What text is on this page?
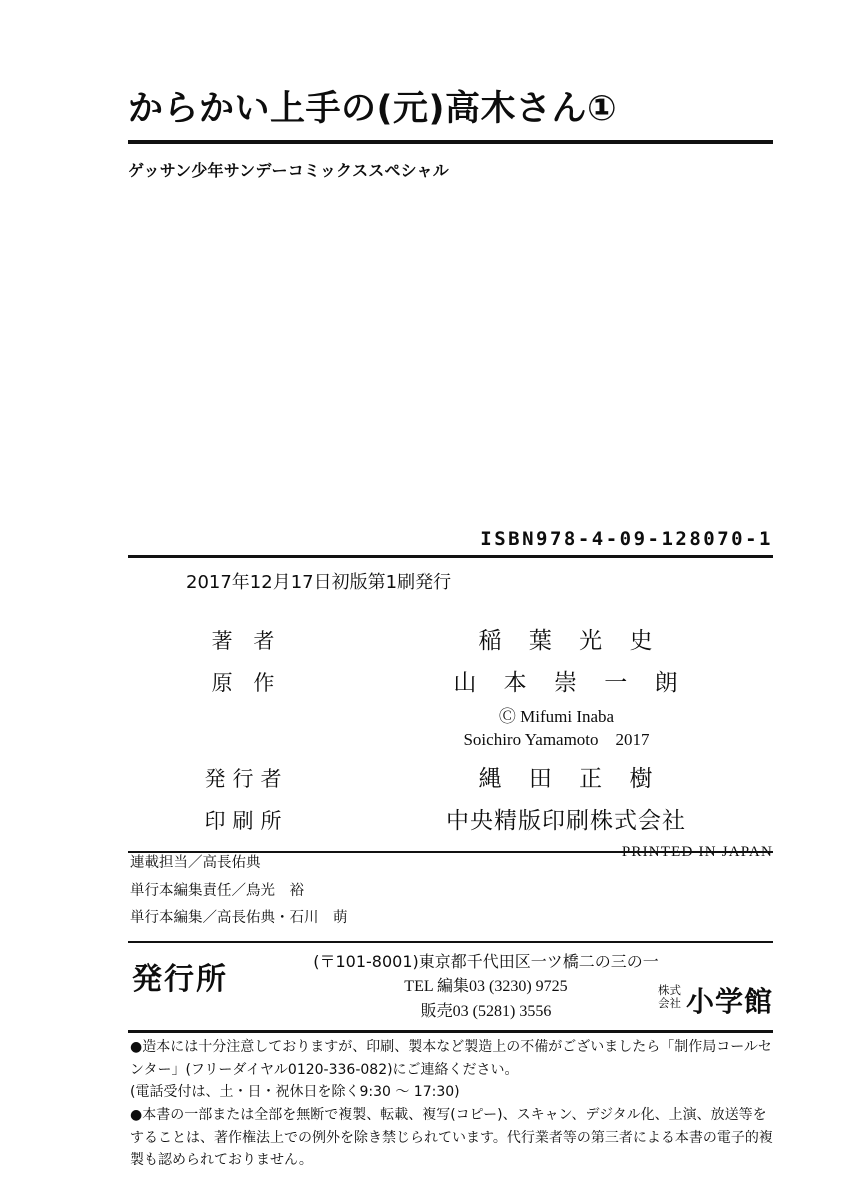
からかい上手の(元)高木さん①
ゲッサン少年サンデーコミックススペシャル
ISBN978-4-09-128070-1
2017年12月17日初版第1刷発行
著 者	稲 葉 光 史
原 作	山 本 崇 一 朗
Ⓒ Mifumi Inaba
Soichiro Yamamoto　2017
発行者	縄 田 正 樹
印刷所	中央精版印刷株式会社
PRINTED IN JAPAN
連載担当／高長佑典
単行本編集責任／鳥光　裕
単行本編集／高長佑典・石川　萌
発行所
(〒101-8001)東京都千代田区一ツ橋二の三の一
TEL 編集03 (3230) 9725
販売03 (5281) 3556
株式
会社 小学館

●造本には十分注意しておりますが、印刷、製本など製造上の不備がございましたら「制作局コールセンター」(フリーダイヤル0120-336-082)にご連絡ください。

(電話受付は、土・日・祝休日を除く9:30 ～ 17:30)

●本書の一部または全部を無断で複製、転載、複写(コピー)、スキャン、デジタル化、上演、放送等をすることは、著作権法上での例外を除き禁じられています。代行業者等の第三者による本書の電子的複製も認められておりません。
